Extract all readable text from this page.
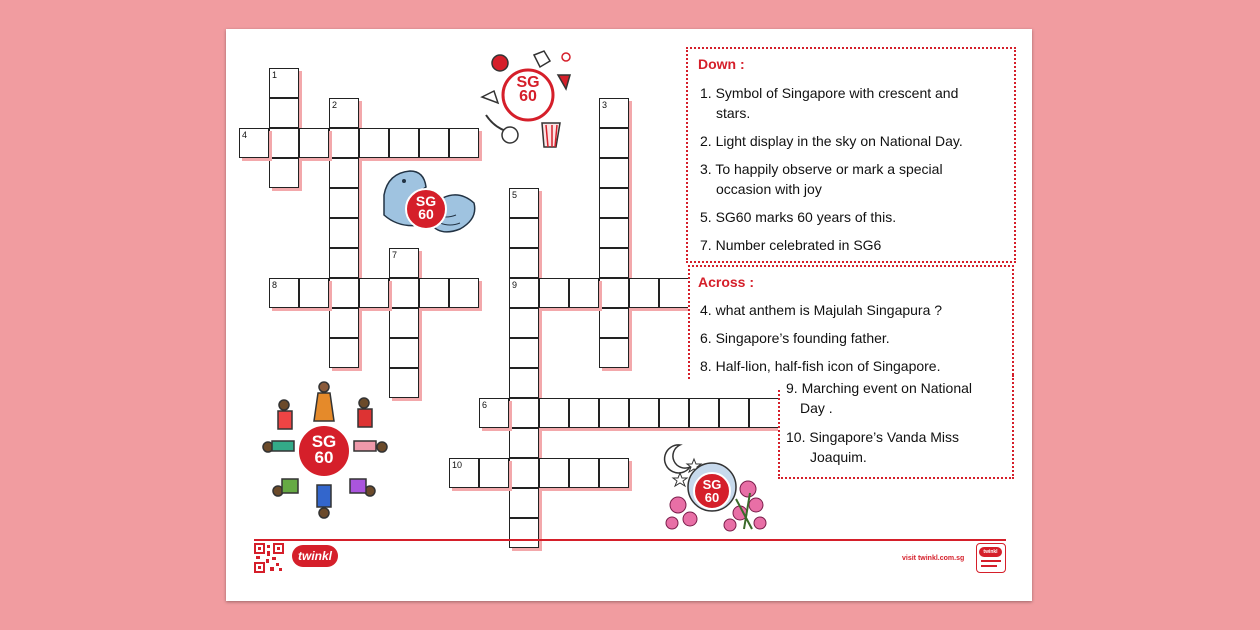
1
2	3
4
5
6
7
8	9
10
SG
60
SG
60
SG
60
SG
60
Down :
1. Symbol of Singapore with crescent and
stars.
2. Light display in the sky on National Day.
3. To happily observe or mark a special
occasion with joy
5. SG60 marks 60 years of this.
7. Number celebrated in SG6
Across :
4. what anthem is Majulah Singapura ?
6. Singapore’s founding father.
8. Half-lion, half-fish icon of Singapore.
9. Marching event on National
Day .
10. Singapore’s Vanda Miss
Joaquim.
twinkl	visit twinkl.com.sg
twinkl
